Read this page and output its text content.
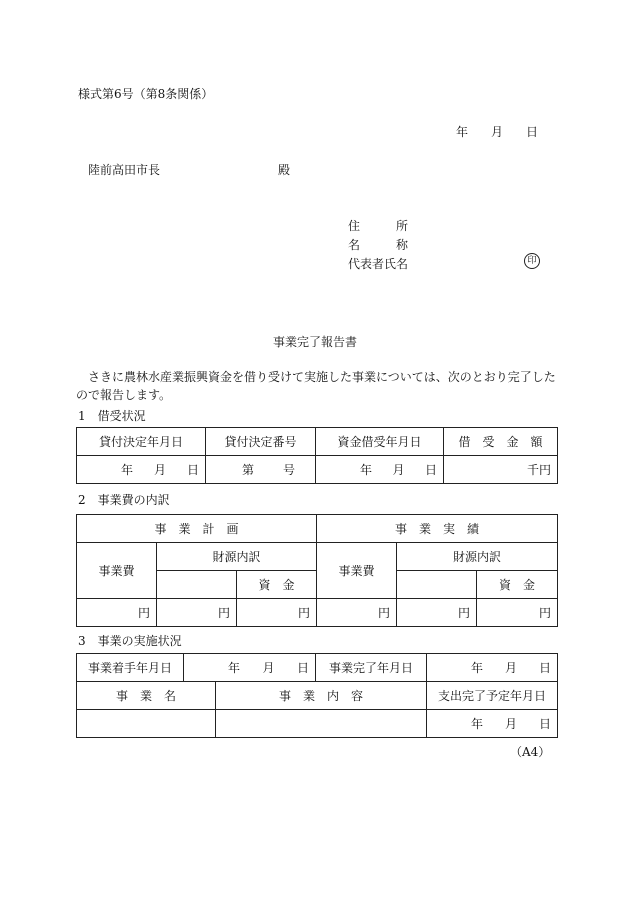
様式第6号（第8条関係）
年 月 日
陸前高田市長	殿
住	所
名	称
代表者氏名	印
事業完了報告書
さきに農林水産業振興資金を借り受けて実施した事業については、次のとおり完了した
ので報告します。
1　借受状況
貸付決定年月日	貸付決定番号	資金借受年月日	借　受　金　額

年 月 日	第 号	年 月 日	千円
2　事業費の内訳
事　業　計　画			事　業　実　績		
事業費	財源内訳		事業費	財源内訳	
		資　金			資　金
円	円	円	円	円	円
3　事業の実施状況
事業着手年月日	年 月 日		事業完了年月日	年 月 日

事　業　名		事　業　内　容		支出完了予定年月日

				年 月 日
（A4）
